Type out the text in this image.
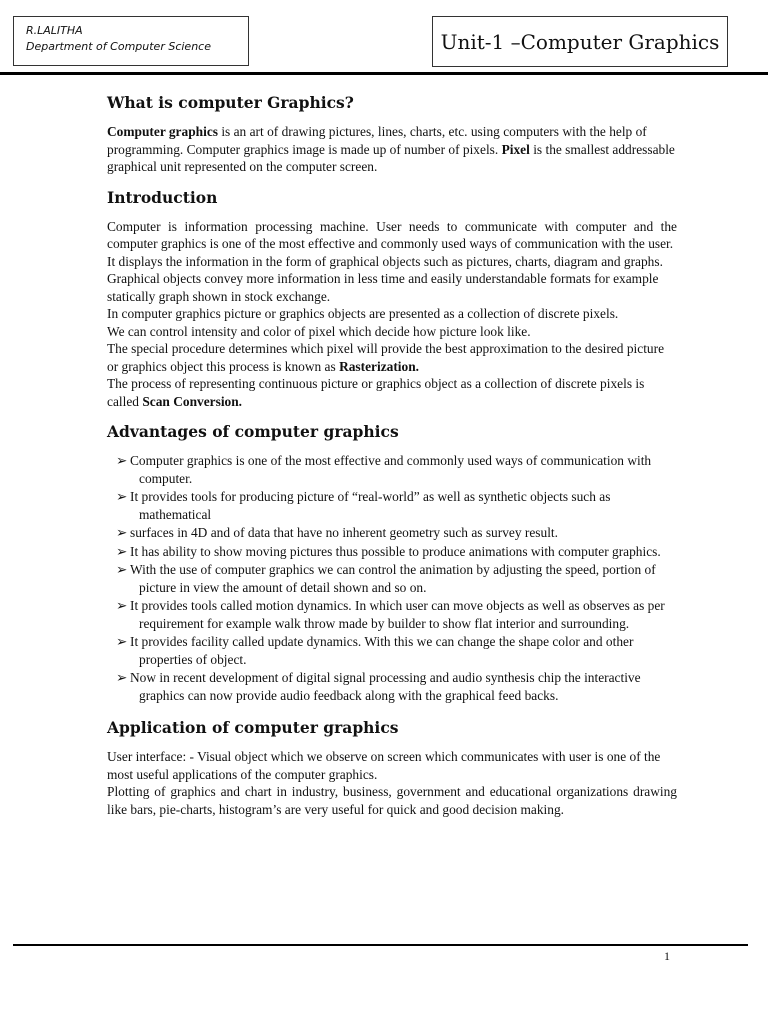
R.LALITHA
Department of Computer Science	Unit-1 –Computer Graphics
What is computer Graphics?

Computer graphics is an art of drawing pictures, lines, charts, etc. using computers with the help of programming. Computer graphics image is made up of number of pixels. Pixel is the smallest addressable graphical unit represented on the computer screen.

Introduction

Computer is information processing machine. User needs to communicate with computer and the computer graphics is one of the most effective and commonly used ways of communication with the user.

It displays the information in the form of graphical objects such as pictures, charts, diagram and graphs.

Graphical objects convey more information in less time and easily understandable formats for example statically graph shown in stock exchange.

In computer graphics picture or graphics objects are presented as a collection of discrete pixels.

We can control intensity and color of pixel which decide how picture look like.

The special procedure determines which pixel will provide the best approximation to the desired picture or graphics object this process is known as Rasterization.

The process of representing continuous picture or graphics object as a collection of discrete pixels is called Scan Conversion.

Advantages of computer graphics
➢ Computer graphics is one of the most effective and commonly used ways of communication with computer.
➢ It provides tools for producing picture of “real-world” as well as synthetic objects such as mathematical
➢ surfaces in 4D and of data that have no inherent geometry such as survey result.
➢ It has ability to show moving pictures thus possible to produce animations with computer graphics.
➢ With the use of computer graphics we can control the animation by adjusting the speed, portion of picture in view the amount of detail shown and so on.
➢ It provides tools called motion dynamics. In which user can move objects as well as observes as per requirement for example walk throw made by builder to show flat interior and surrounding.
➢ It provides facility called update dynamics. With this we can change the shape color and other properties of object.
➢ Now in recent development of digital signal processing and audio synthesis chip the interactive graphics can now provide audio feedback along with the graphical feed backs.
Application of computer graphics

User interface: - Visual object which we observe on screen which communicates with user is one of the most useful applications of the computer graphics.

Plotting of graphics and chart in industry, business, government and educational organizations drawing like bars, pie-charts, histogram’s are very useful for quick and good decision making.

1
